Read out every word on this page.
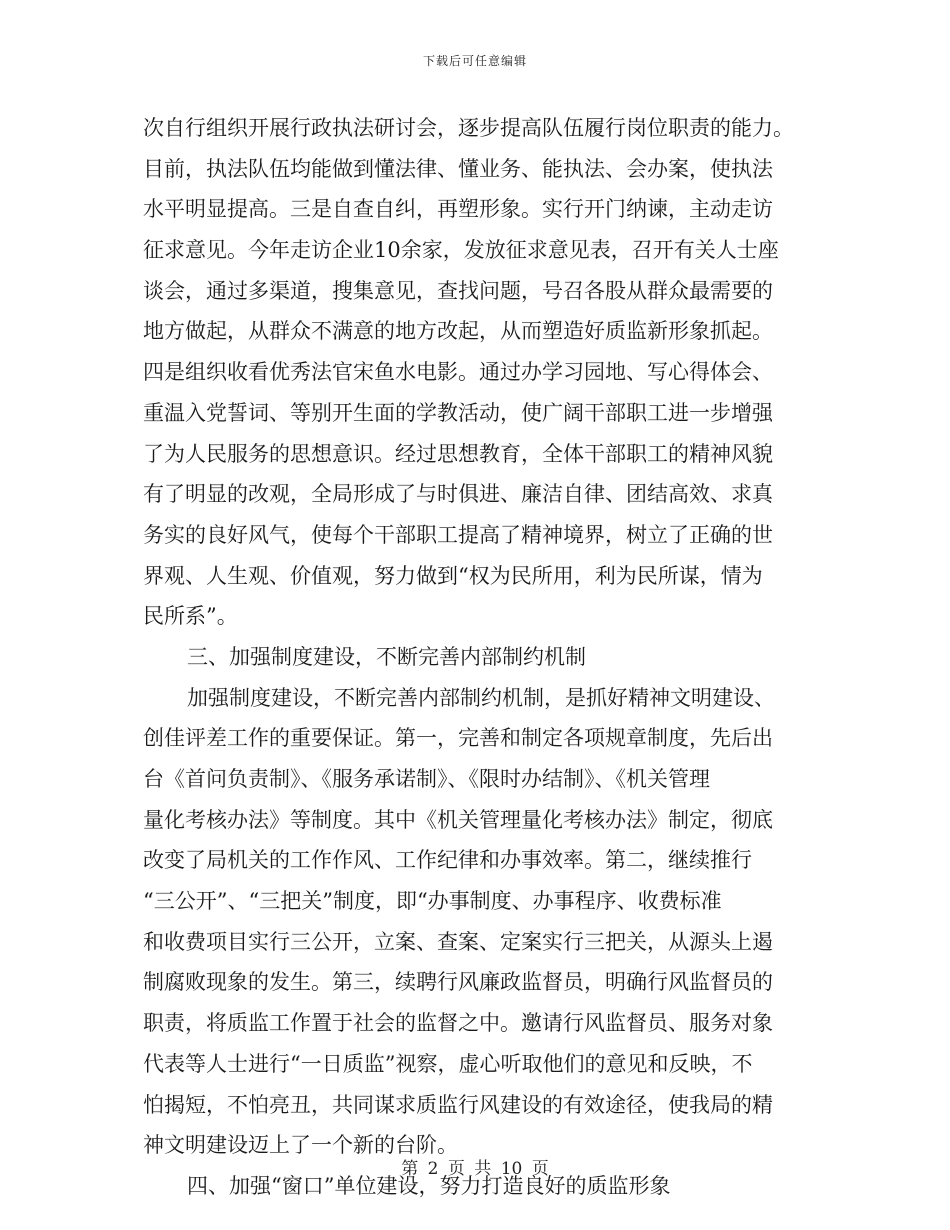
下载后可任意编辑
次自行组织开展行政执法研讨会，逐步提高队伍履行岗位职责的能力。
目前，执法队伍均能做到懂法律、懂业务、能执法、会办案，使执法
水平明显提高。三是自查自纠，再塑形象。实行开门纳谏，主动走访
征求意见。今年走访企业10余家，发放征求意见表，召开有关人士座
谈会，通过多渠道，搜集意见，查找问题，号召各股从群众最需要的
地方做起，从群众不满意的地方改起，从而塑造好质监新形象抓起。
四是组织收看优秀法官宋鱼水电影。通过办学习园地、写心得体会、
重温入党誓词、等别开生面的学教活动，使广阔干部职工进一步增强
了为人民服务的思想意识。经过思想教育，全体干部职工的精神风貌
有了明显的改观，全局形成了与时俱进、廉洁自律、团结高效、求真
务实的良好风气，使每个干部职工提高了精神境界，树立了正确的世
界观、人生观、价值观，努力做到“权为民所用，利为民所谋，情为
民所系”。
三、加强制度建设，不断完善内部制约机制
加强制度建设，不断完善内部制约机制，是抓好精神文明建设、
创佳评差工作的重要保证。第一，完善和制定各项规章制度，先后出
台《首问负责制》、《服务承诺制》、《限时办结制》、《机关管理
量化考核办法》等制度。其中《机关管理量化考核办法》制定，彻底
改变了局机关的工作作风、工作纪律和办事效率。第二，继续推行
“三公开”、“三把关”制度，即“办事制度、办事程序、收费标准
和收费项目实行三公开，立案、查案、定案实行三把关，从源头上遏
制腐败现象的发生。第三，续聘行风廉政监督员，明确行风监督员的
职责，将质监工作置于社会的监督之中。邀请行风监督员、服务对象
代表等人士进行“一日质监”视察，虚心听取他们的意见和反映，不
怕揭短，不怕亮丑，共同谋求质监行风建设的有效途径，使我局的精
神文明建设迈上了一个新的台阶。
四、加强“窗口”单位建设，努力打造良好的质监形象
第 2 页 共 10 页
